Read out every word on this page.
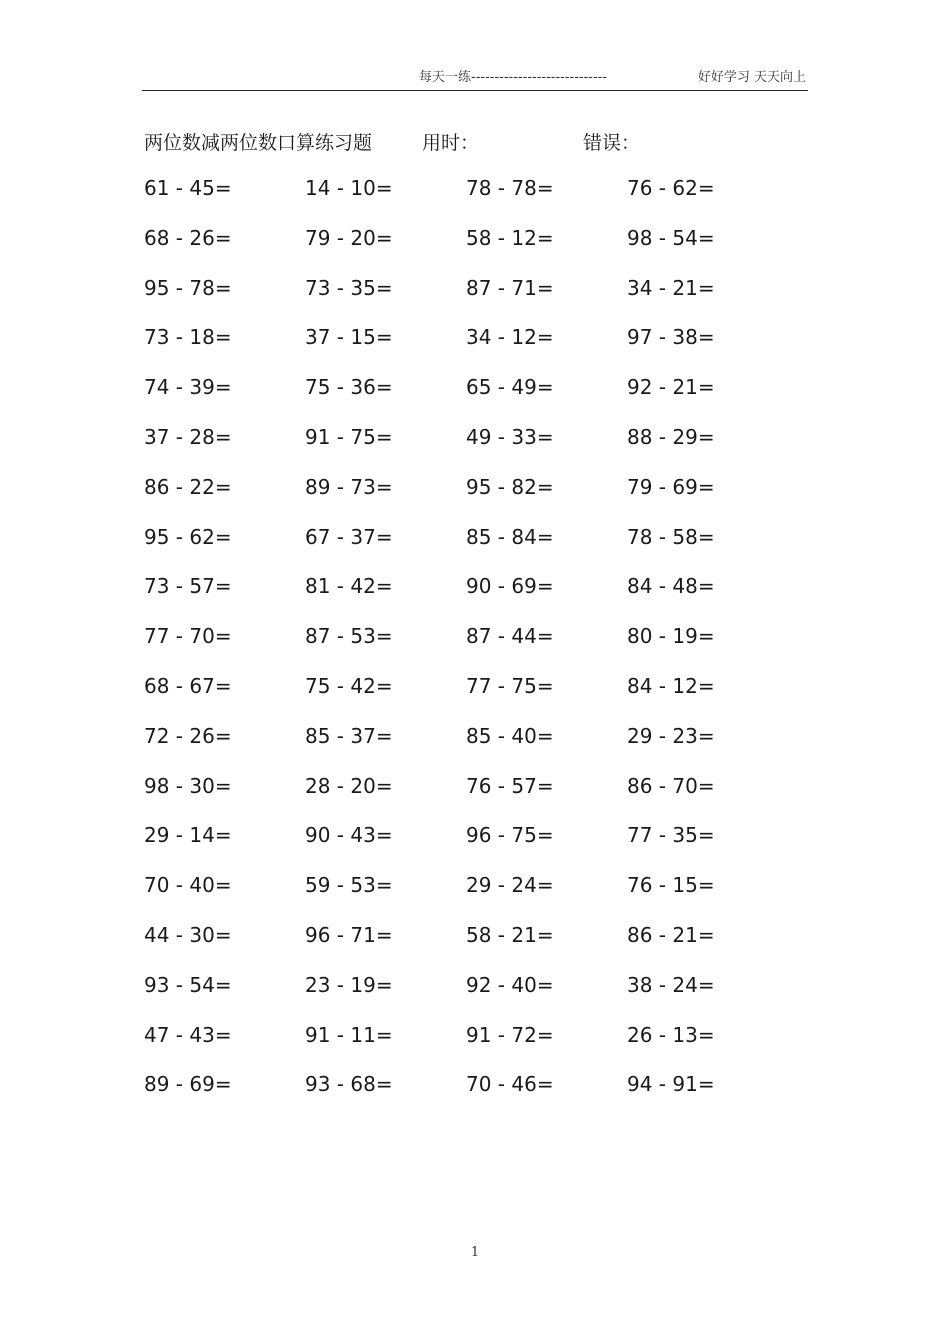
每天一练-----------------------------	好好学习 天天向上
两位数减两位数口算练习题	用时：	错误：
61 - 45=	14 - 10=	78 - 78=	76 - 62=
68 - 26=	79 - 20=	58 - 12=	98 - 54=
95 - 78=	73 - 35=	87 - 71=	34 - 21=
73 - 18=	37 - 15=	34 - 12=	97 - 38=
74 - 39=	75 - 36=	65 - 49=	92 - 21=
37 - 28=	91 - 75=	49 - 33=	88 - 29=
86 - 22=	89 - 73=	95 - 82=	79 - 69=
95 - 62=	67 - 37=	85 - 84=	78 - 58=
73 - 57=	81 - 42=	90 - 69=	84 - 48=
77 - 70=	87 - 53=	87 - 44=	80 - 19=
68 - 67=	75 - 42=	77 - 75=	84 - 12=
72 - 26=	85 - 37=	85 - 40=	29 - 23=
98 - 30=	28 - 20=	76 - 57=	86 - 70=
29 - 14=	90 - 43=	96 - 75=	77 - 35=
70 - 40=	59 - 53=	29 - 24=	76 - 15=
44 - 30=	96 - 71=	58 - 21=	86 - 21=
93 - 54=	23 - 19=	92 - 40=	38 - 24=
47 - 43=	91 - 11=	91 - 72=	26 - 13=
89 - 69=	93 - 68=	70 - 46=	94 - 91=
1
